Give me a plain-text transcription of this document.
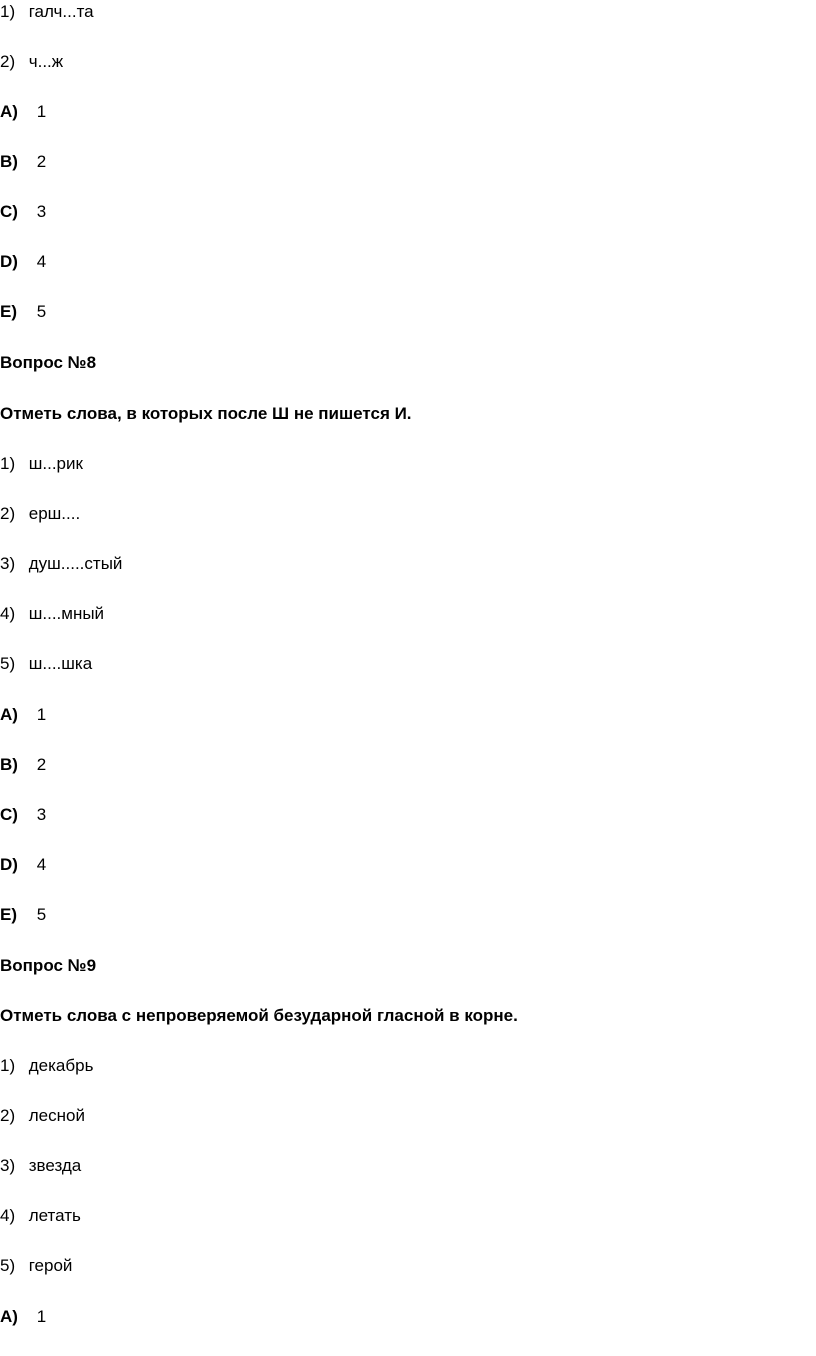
1) галч...та
2) ч...ж
A) 1
B) 2
C) 3
D) 4
E) 5
Вопрос №8
Отметь слова, в которых после Ш не пишется И.
1) ш...рик
2) ерш....
3) душ.....стый
4) ш....мный
5) ш....шка
A) 1
B) 2
C) 3
D) 4
E) 5
Вопрос №9
Отметь слова с непроверяемой безударной гласной в корне.
1) декабрь
2) лесной
3) звезда
4) летать
5) герой
A) 1
